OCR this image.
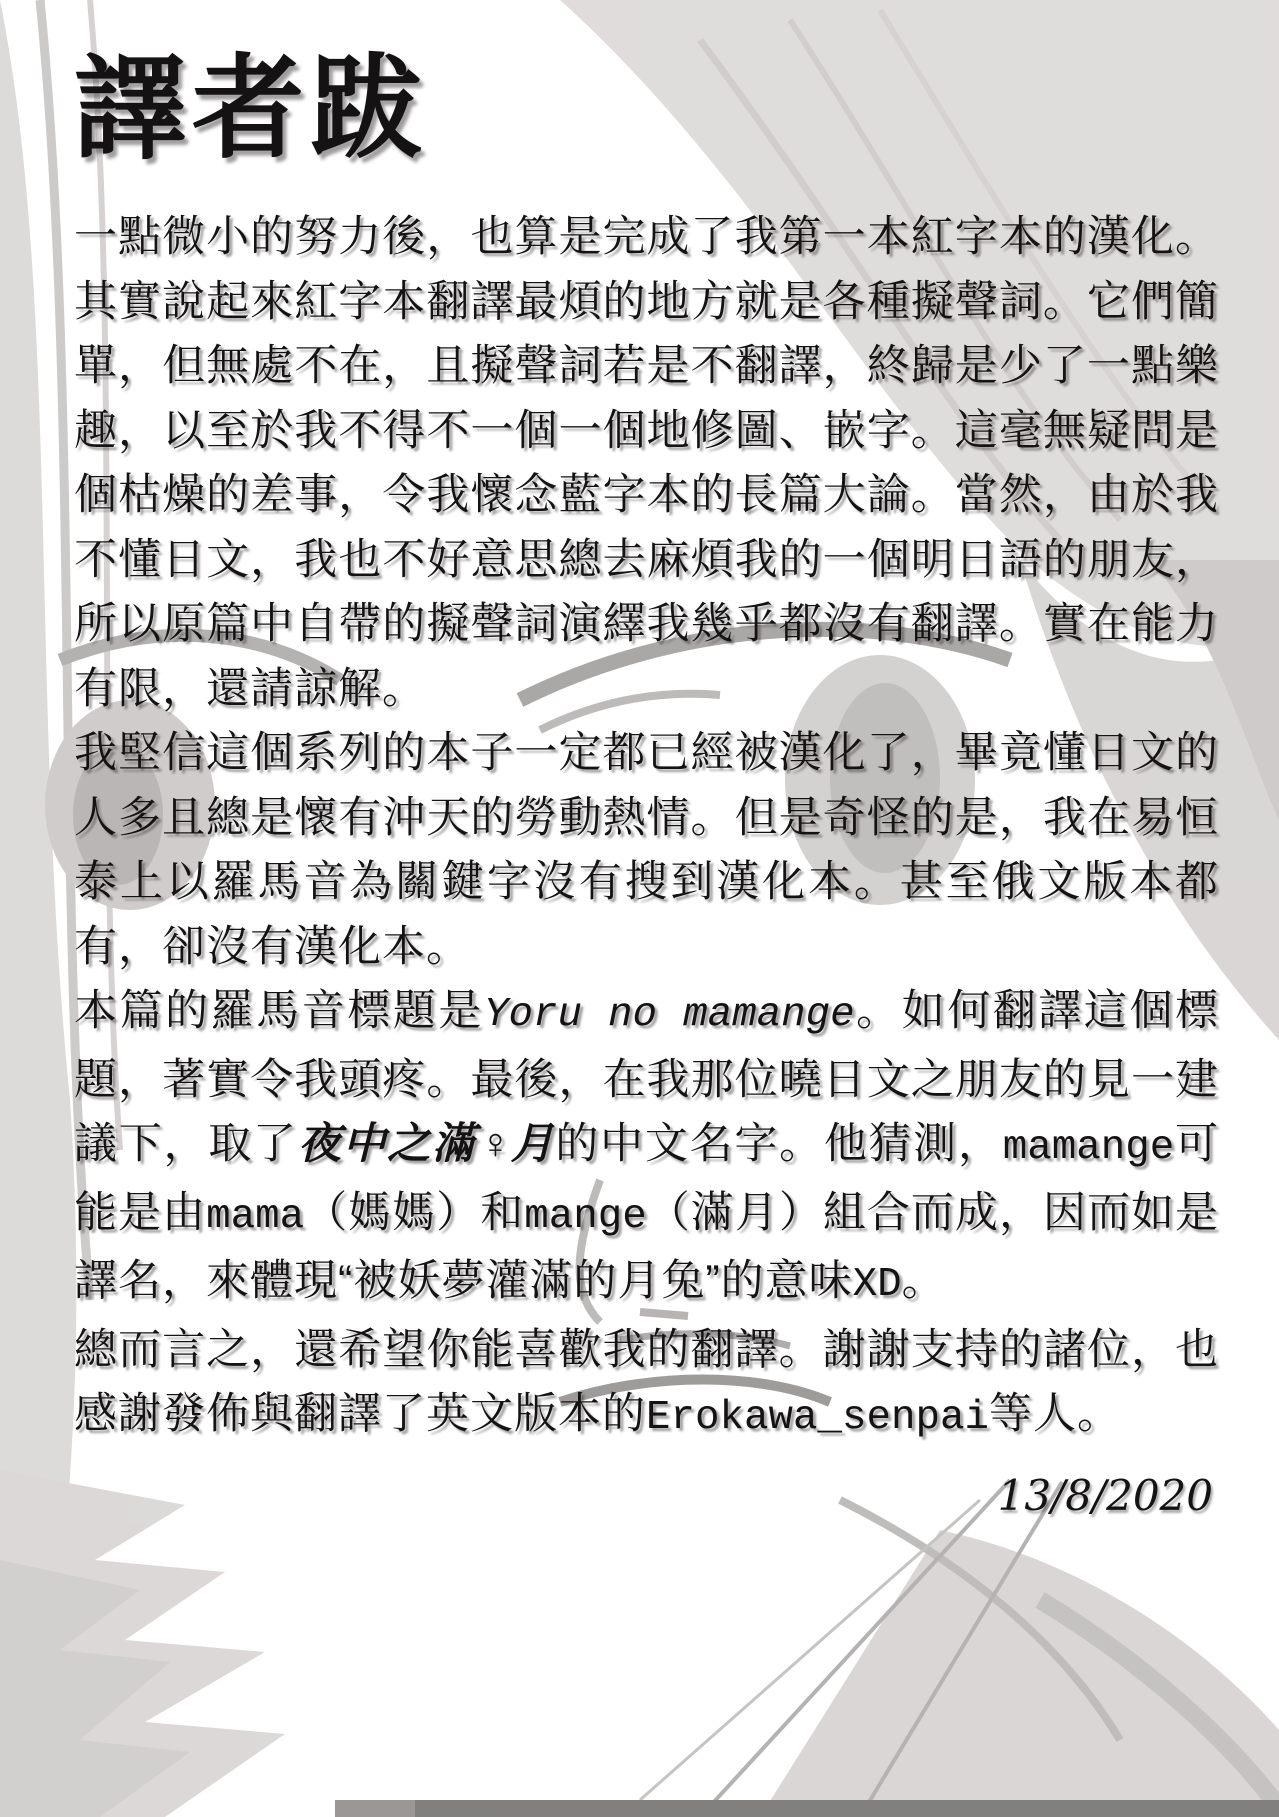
譯者跋

一點微小的努力後，也算是完成了我第一本紅字本的漢化。其實說起來紅字本翻譯最煩的地方就是各種擬聲詞。它們簡單，但無處不在，且擬聲詞若是不翻譯，終歸是少了一點樂趣，以至於我不得不一個一個地修圖、嵌字。這毫無疑問是個枯燥的差事，令我懷念藍字本的長篇大論。當然，由於我不懂日文，我也不好意思總去麻煩我的一個明日語的朋友，所以原篇中自帶的擬聲詞演繹我幾乎都沒有翻譯。實在能力有限，還請諒解。

我堅信這個系列的本子一定都已經被漢化了，畢竟懂日文的人多且總是懷有沖天的勞動熱情。但是奇怪的是，我在易恒泰上以羅馬音為關鍵字沒有搜到漢化本。甚至俄文版本都有，卻沒有漢化本。

本篇的羅馬音標題是Yoru no mamange。如何翻譯這個標題，著實令我頭疼。最後，在我那位曉日文之朋友的見一建議下，取了夜中之滿♀月的中文名字。他猜測，mamange可能是由mama（媽媽）和mange（滿月）組合而成，因而如是譯名，來體現“被妖夢灌滿的月兔”的意味XD。

總而言之，還希望你能喜歡我的翻譯。謝謝支持的諸位，也感謝發佈與翻譯了英文版本的Erokawa_senpai等人。

13/8/2020
